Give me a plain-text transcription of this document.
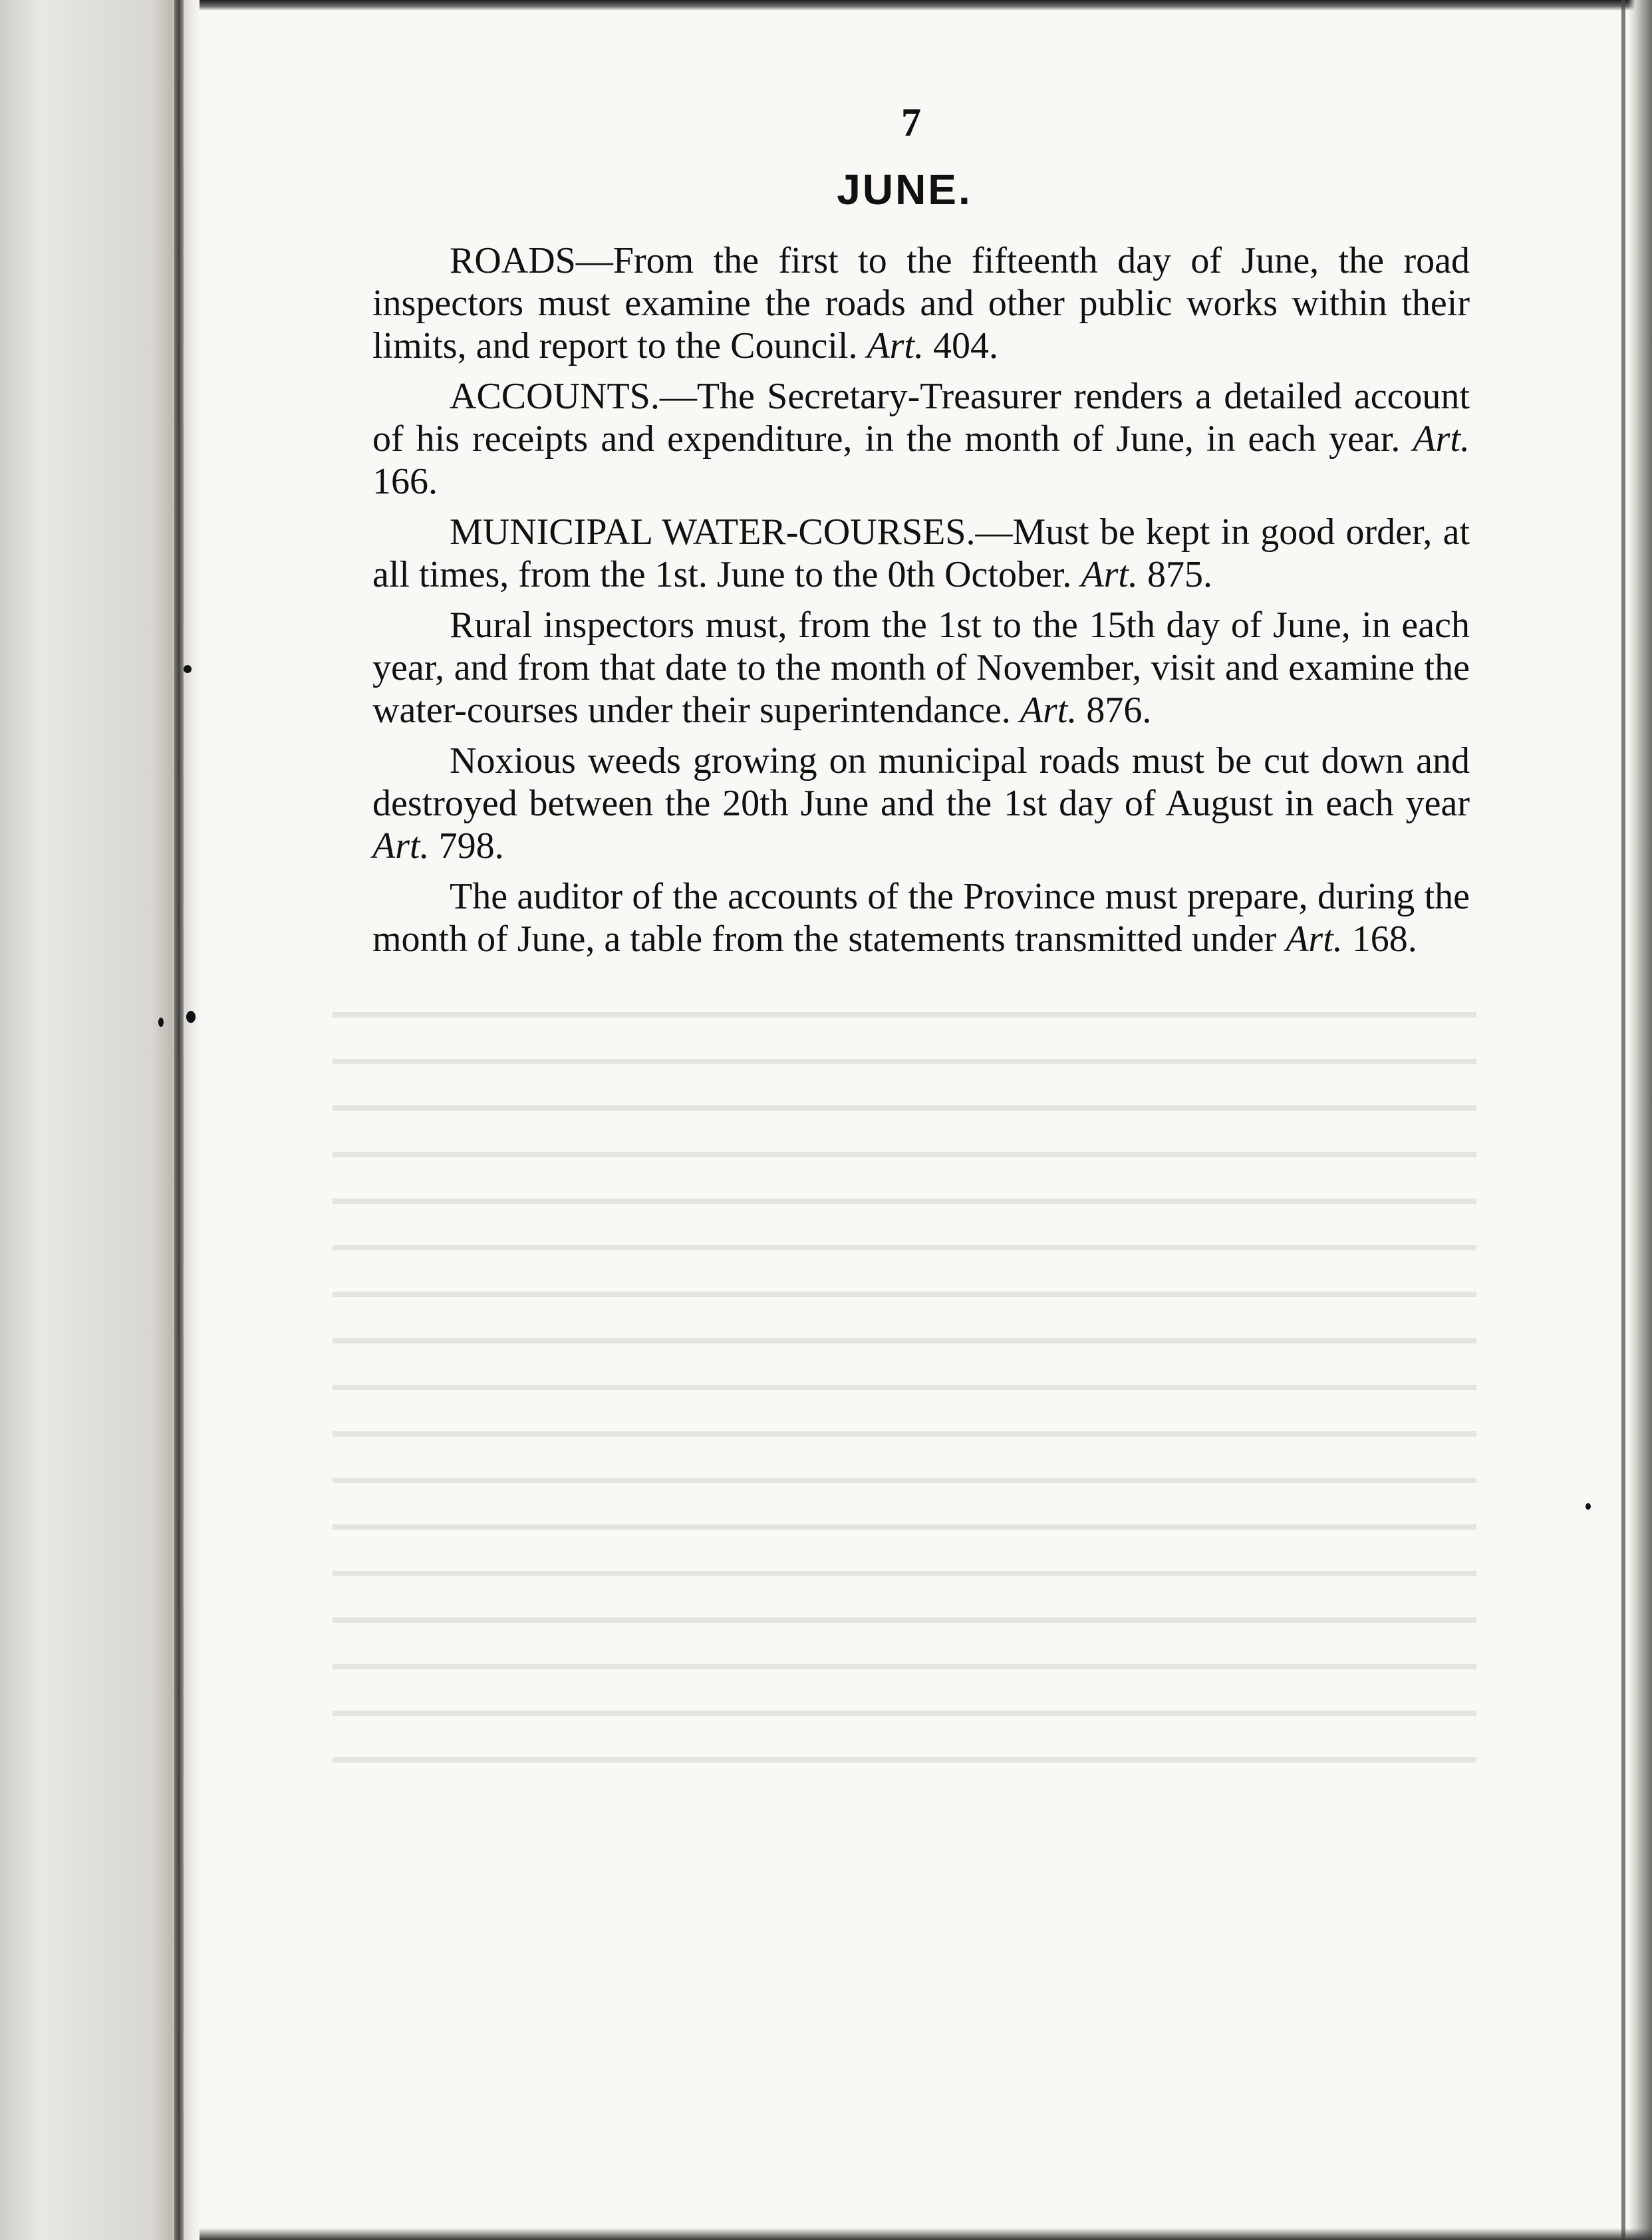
7
JUNE.

ROADS—From the first to the fifteenth day of June, the road inspectors must examine the roads and other public works within their limits, and report to the Council. Art. 404.

ACCOUNTS.—The Secretary-Treasurer renders a detailed account of his receipts and expenditure, in the month of June, in each year. Art. 166.

MUNICIPAL WATER-COURSES.—Must be kept in good order, at all times, from the 1st. June to the 0th October. Art. 875.

Rural inspectors must, from the 1st to the 15th day of June, in each year, and from that date to the month of November, visit and examine the water-courses under their superintendance. Art. 876.

Noxious weeds growing on municipal roads must be cut down and destroyed between the 20th June and the 1st day of August in each year Art. 798.

The auditor of the accounts of the Province must prepare, during the month of June, a table from the statements transmitted under Art. 168.
